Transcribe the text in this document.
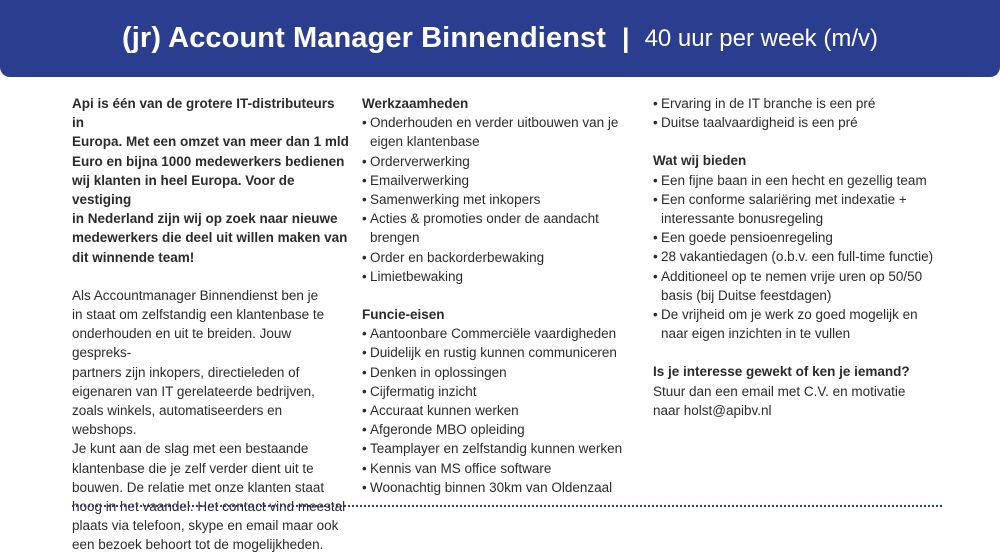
(jr) Account Manager Binnendienst | 40 uur per week (m/v)
Api is één van de grotere IT-distributeurs in
Europa. Met een omzet van meer dan 1 mld
Euro en bijna 1000 medewerkers bedienen
wij klanten in heel Europa. Voor de vestiging
in Nederland zijn wij op zoek naar nieuwe
medewerkers die deel uit willen maken van
dit winnende team!
Als Accountmanager Binnendienst ben je
in staat om zelfstandig een klantenbase te
onderhouden en uit te breiden. Jouw gespreks-
partners zijn inkopers, directieleden of
eigenaren van IT gerelateerde bedrijven,
zoals winkels, automatiseerders en webshops.
Je kunt aan de slag met een bestaande
klantenbase die je zelf verder dient uit te
bouwen. De relatie met onze klanten staat
hoog in het vaandel. Het contact vind meestal
plaats via telefoon, skype en email maar ook
een bezoek behoort tot de mogelijkheden.
Werkzaamheden
• Onderhouden en verder uitbouwen van je
eigen klantenbase
• Orderverwerking
• Emailverwerking
• Samenwerking met inkopers
• Acties & promoties onder de aandacht brengen
• Order en backorderbewaking
• Limietbewaking
Funcie-eisen
• Aantoonbare Commerciële vaardigheden
• Duidelijk en rustig kunnen communiceren
• Denken in oplossingen
• Cijfermatig inzicht
• Accuraat kunnen werken
• Afgeronde MBO opleiding
• Teamplayer en zelfstandig kunnen werken
• Kennis van MS office software
• Woonachtig binnen 30km van Oldenzaal
• Ervaring in de IT branche is een pré
• Duitse taalvaardigheid is een pré
Wat wij bieden
• Een fijne baan in een hecht en gezellig team
• Een conforme salariëring met indexatie +
interessante bonusregeling
• Een goede pensioenregeling
• 28 vakantiedagen (o.b.v. een full-time functie)
• Additioneel op te nemen vrije uren op 50/50
basis (bij Duitse feestdagen)
• De vrijheid om je werk zo goed mogelijk en
naar eigen inzichten in te vullen
Is je interesse gewekt of ken je iemand?
Stuur dan een email met C.V. en motivatie
naar holst@apibv.nl
